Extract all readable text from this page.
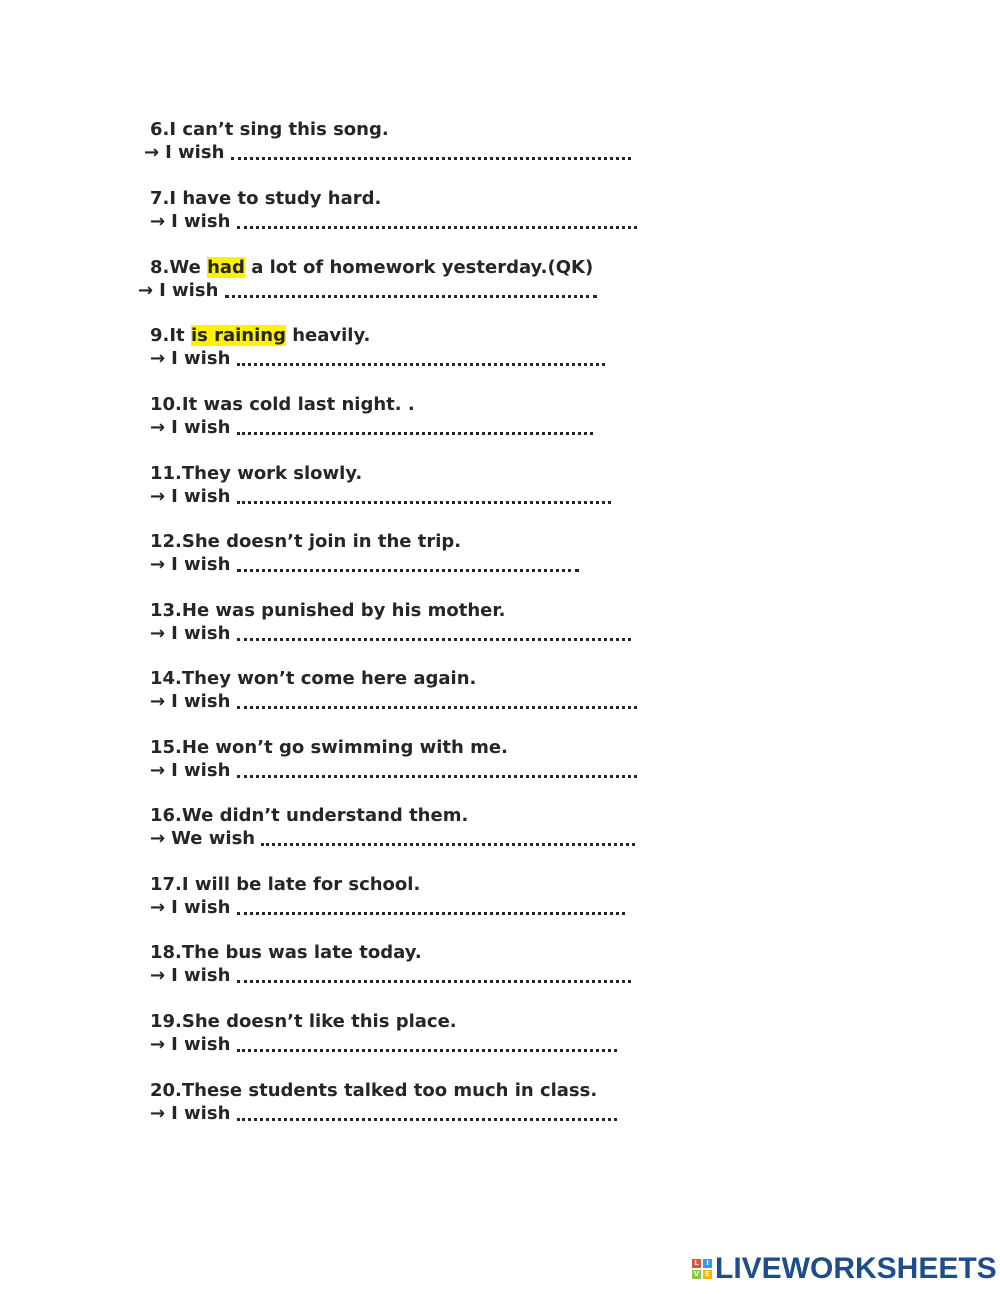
6.I can’t sing this song.
→ I wish
7.I have to study hard.
→ I wish
8.We had a lot of homework yesterday.(QK)
→ I wish
9.It is raining heavily.
→ I wish
10.It was cold last night. .
→ I wish
11.They work slowly.
→ I wish
12.She doesn’t join in the trip.
→ I wish
13.He was punished by his mother.
→ I wish
14.They won’t come here again.
→ I wish
15.He won’t go swimming with me.
→ I wish
16.We didn’t understand them.
→ We wish
17.I will be late for school.
→ I wish
18.The bus was late today.
→ I wish
19.She doesn’t like this place.
→ I wish
20.These students talked too much in class.
→ I wish
L	I
V E LIVEWORKSHEETS
